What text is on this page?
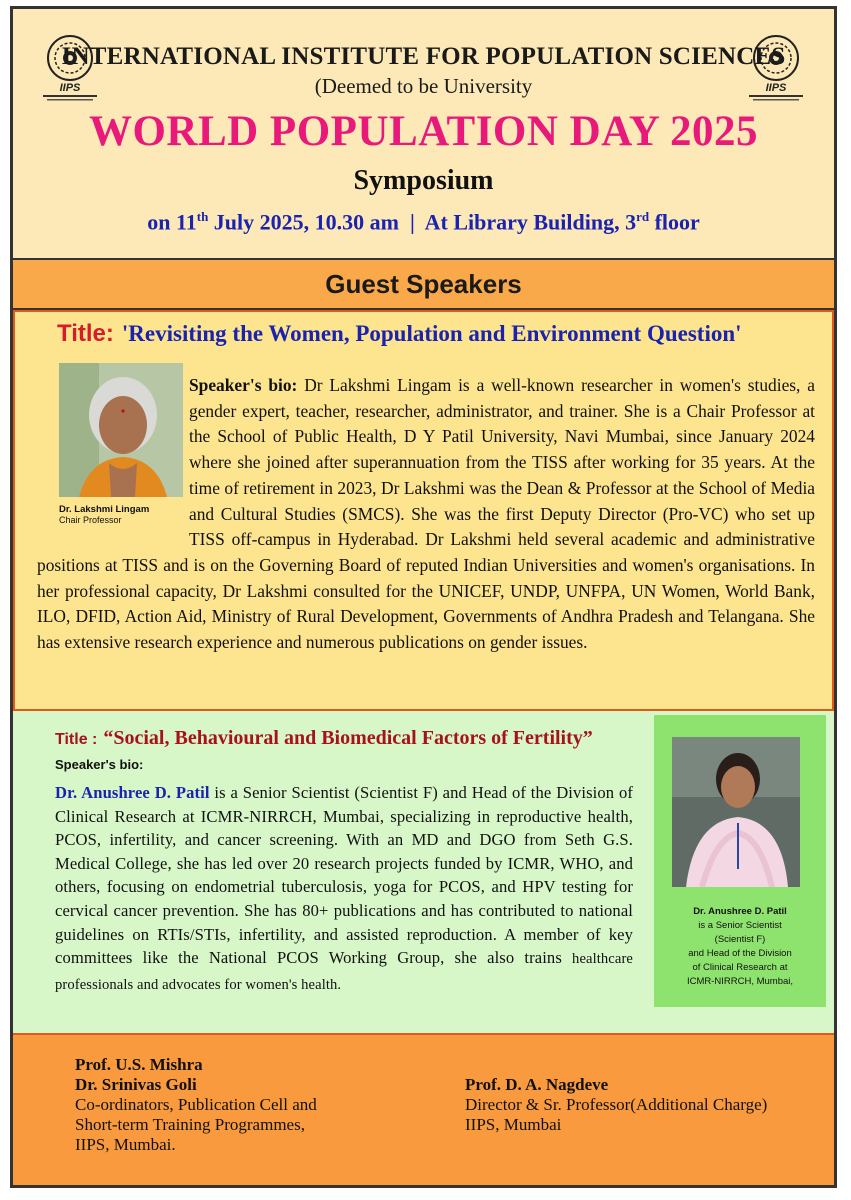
IIPS	IIPS
INTERNATIONAL INSTITUTE FOR POPULATION SCIENCES
(Deemed to be University
WORLD POPULATION DAY 2025
Symposium
on 11th July 2025, 10.30 am  |  At Library Building, 3rd floor
Guest Speakers
Title: 'Revisiting the Women, Population and Environment Question'
Speaker's bio: Dr Lakshmi Lingam is a well-known researcher in women's studies, a gender expert, teacher, researcher, administrator, and trainer. She is a Chair Professor at the School of Public Health, D Y Patil University, Navi Mumbai, since January 2024 where she joined after superannuation from the TISS after working for 35 years. At the time of retirement in 2023, Dr Lakshmi was the Dean & Professor at the School of Media and Cultural Studies (SMCS). She was the first Deputy Director (Pro-VC) who set up TISS off-campus in Hyderabad. Dr Lakshmi held several academic and administrative positions at TISS and is on the Governing Board of reputed Indian Universities and women's organisations. In her professional capacity, Dr Lakshmi consulted for the UNICEF, UNDP, UNFPA, UN Women, World Bank, ILO, DFID, Action Aid, Ministry of Rural Development, Governments of Andhra Pradesh and Telangana. She has extensive research experience and numerous publications on gender issues.
Dr. Lakshmi Lingam
Chair Professor
Title : “Social, Behavioural and Biomedical Factors of Fertility”
Speaker's bio:
Dr. Anushree D. Patil is a Senior Scientist (Scientist F) and Head of the Division of Clinical Research at ICMR-NIRRCH, Mumbai, specializing in reproductive health, PCOS, infertility, and cancer screening. With an MD and DGO from Seth G.S. Medical College, she has led over 20 research projects funded by ICMR, WHO, and others, focusing on endometrial tuberculosis, yoga for PCOS, and HPV testing for cervical cancer prevention. She has 80+ publications and has contributed to national guidelines on RTIs/STIs, infertility, and assisted reproduction. A member of key committees like the National PCOS Working Group, she also trains healthcare professionals and advocates for women's health.
Dr. Anushree D. Patil
is a Senior Scientist
(Scientist F)
and Head of the Division
of Clinical Research at
ICMR-NIRRCH, Mumbai,
Prof. U.S. Mishra
Dr. Srinivas Goli
Co-ordinators, Publication Cell and
Short-term Training Programmes,
IIPS, Mumbai.
Prof. D. A. Nagdeve
Director & Sr. Professor(Additional Charge)
IIPS, Mumbai
